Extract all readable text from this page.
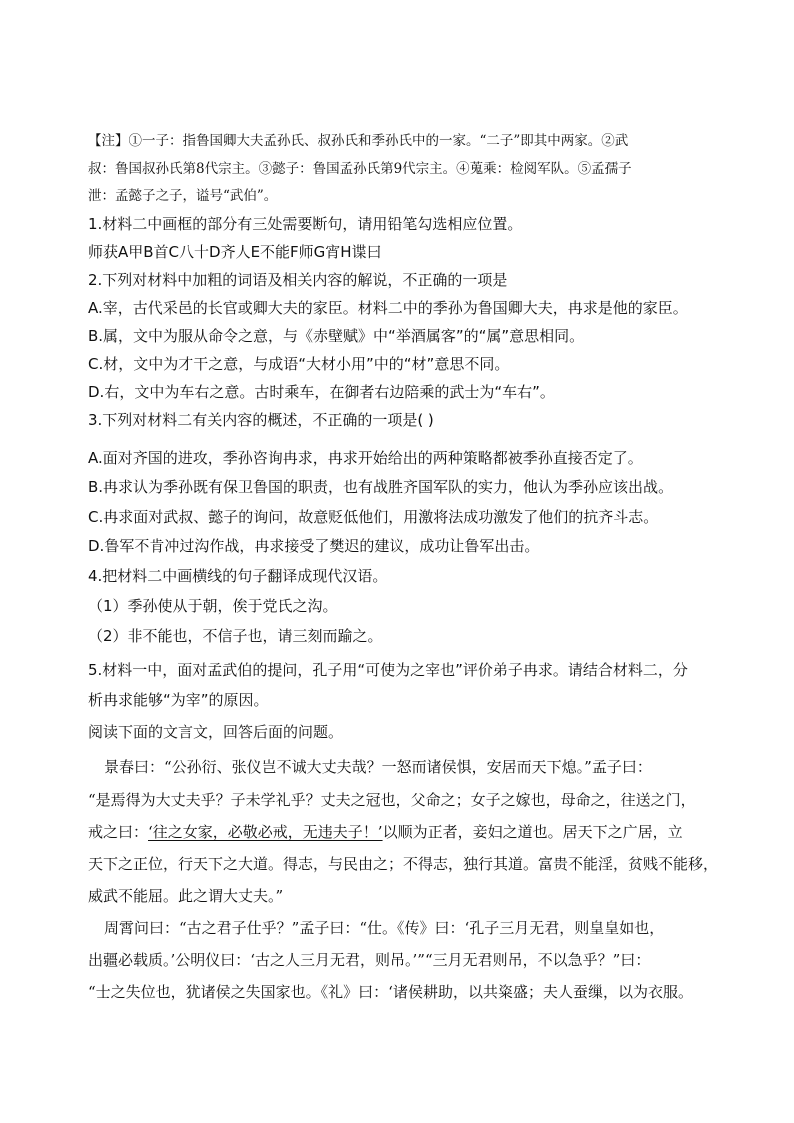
【注】①一子：指鲁国卿大夫孟孙氏、叔孙氏和季孙氏中的一家。“二子”即其中两家。②武
叔：鲁国叔孙氏第8代宗主。③懿子：鲁国孟孙氏第9代宗主。④蒐乘：检阅军队。⑤孟孺子
泄：孟懿子之子，谥号“武伯”。
1.材料二中画框的部分有三处需要断句，请用铅笔勾选相应位置。
师获A甲B首C八十D齐人E不能F师G宵H谍曰
2.下列对材料中加粗的词语及相关内容的解说，不正确的一项是
A.宰，古代采邑的长官或卿大夫的家臣。材料二中的季孙为鲁国卿大夫，冉求是他的家臣。
B.属，文中为服从命令之意，与《赤壁赋》中“举酒属客”的“属”意思相同。
C.材，文中为才干之意，与成语“大材小用”中的“材”意思不同。
D.右，文中为车右之意。古时乘车，在御者右边陪乘的武士为“车右”。
3.下列对材料二有关内容的概述，不正确的一项是( )
A.面对齐国的进攻，季孙咨询冉求，冉求开始给出的两种策略都被季孙直接否定了。
B.冉求认为季孙既有保卫鲁国的职责，也有战胜齐国军队的实力，他认为季孙应该出战。
C.冉求面对武叔、懿子的询问，故意贬低他们，用激将法成功激发了他们的抗齐斗志。
D.鲁军不肯冲过沟作战，冉求接受了樊迟的建议，成功让鲁军出击。
4.把材料二中画横线的句子翻译成现代汉语。
（1）季孙使从于朝，俟于党氏之沟。
（2）非不能也，不信子也，请三刻而踰之。
5.材料一中，面对孟武伯的提问，孔子用“可使为之宰也”评价弟子冉求。请结合材料二，分
析冉求能够“为宰”的原因。
阅读下面的文言文，回答后面的问题。
景春曰：“公孙衍、张仪岂不诚大丈夫哉？一怒而诸侯惧，安居而天下熄。”孟子曰：
“是焉得为大丈夫乎？子未学礼乎？丈夫之冠也，父命之；女子之嫁也，母命之，往送之门，
戒之曰：‘往之女家，必敬必戒，无违夫子！’以顺为正者，妾妇之道也。居天下之广居，立
天下之正位，行天下之大道。得志，与民由之；不得志，独行其道。富贵不能淫，贫贱不能移，
威武不能屈。此之谓大丈夫。”
周霄问曰：“古之君子仕乎？”孟子曰：“仕。《传》曰：‘孔子三月无君，则皇皇如也，
出疆必载质。’公明仪曰：‘古之人三月无君，则吊。’”“三月无君则吊，不以急乎？”曰：
“士之失位也，犹诸侯之失国家也。《礼》曰：‘诸侯耕助，以共粢盛；夫人蚕缫，以为衣服。
